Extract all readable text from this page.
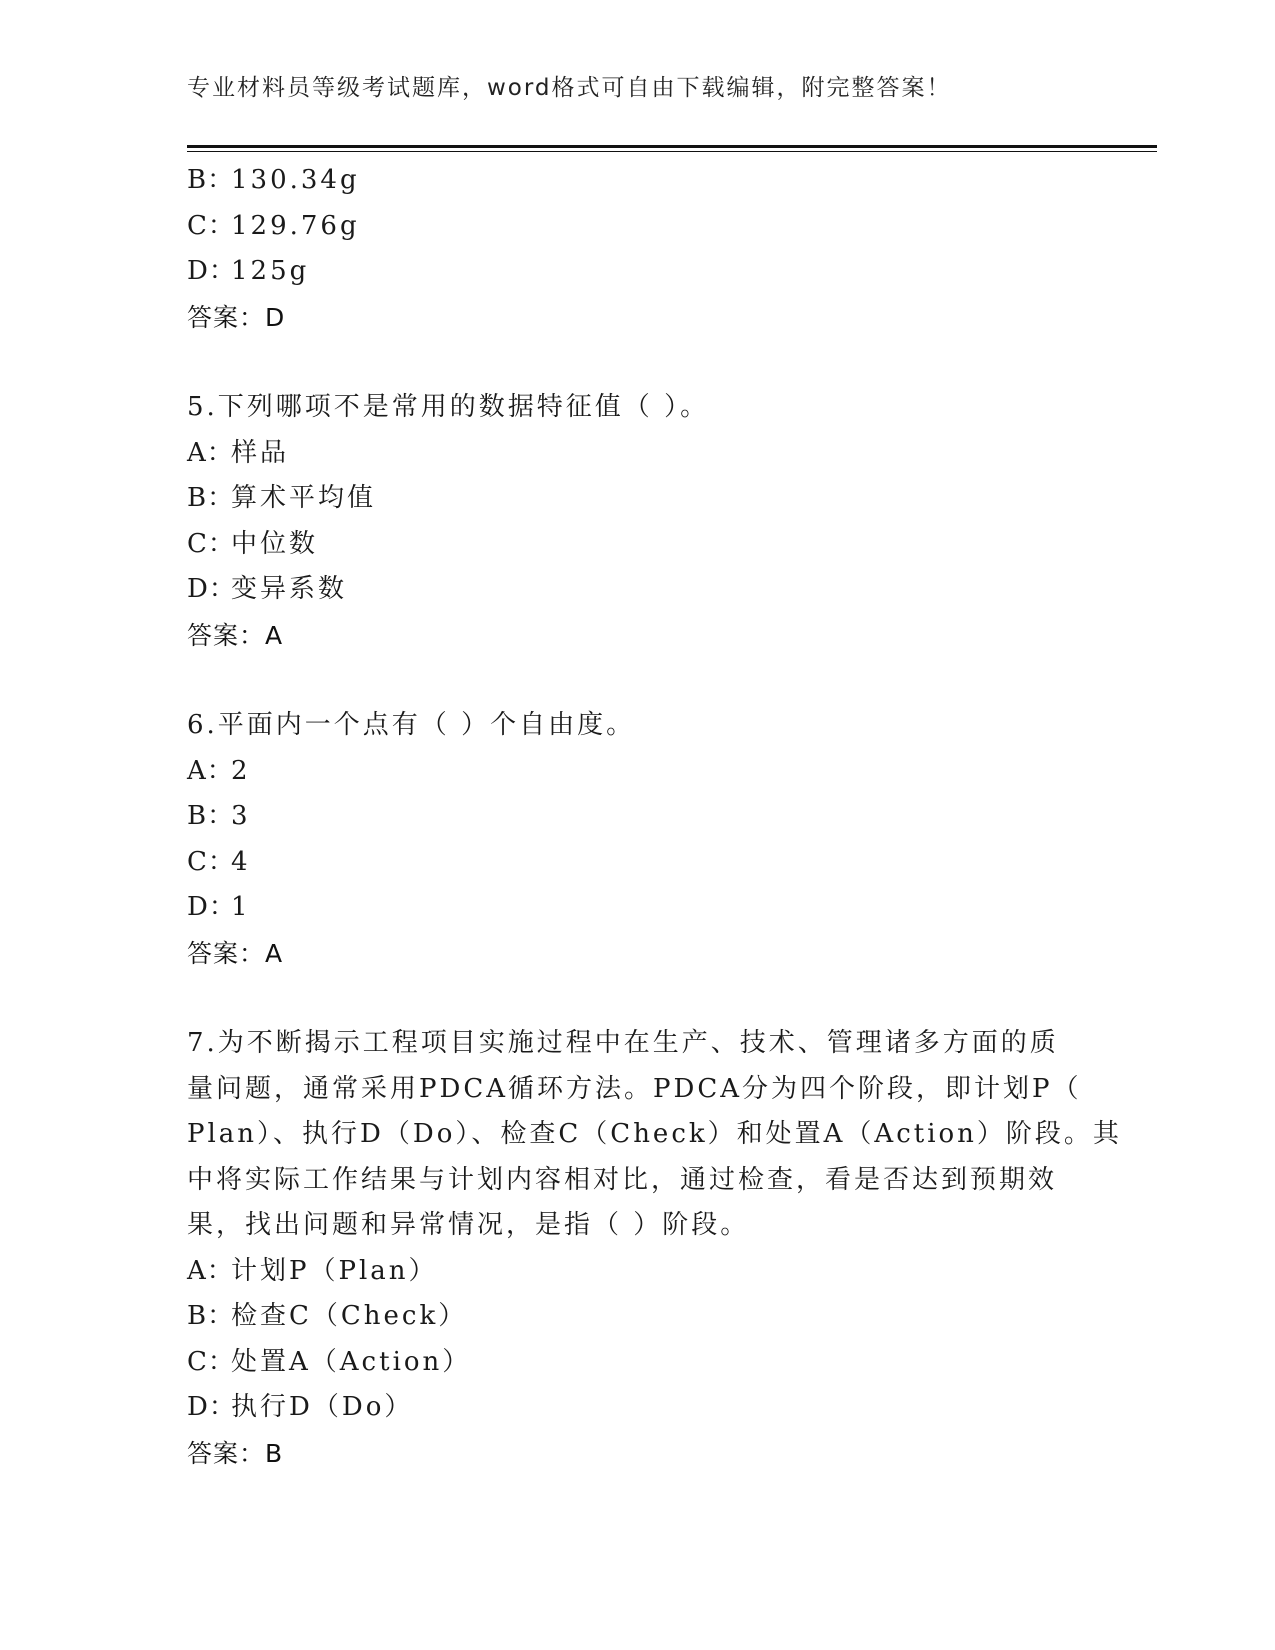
专业材料员等级考试题库，word格式可自由下载编辑，附完整答案！
B：130.34g
C：129.76g
D：125g
答案：D
5.下列哪项不是常用的数据特征值（ ）。
A：样品
B：算术平均值
C：中位数
D：变异系数
答案：A
6.平面内一个点有（ ）个自由度。
A：2
B：3
C：4
D：1
答案：A
7.为不断揭示工程项目实施过程中在生产、技术、管理诸多方面的质
量问题，通常采用PDCA循环方法。PDCA分为四个阶段，即计划P（
Plan）、执行D（Do）、检查C（Check）和处置A（Action）阶段。其
中将实际工作结果与计划内容相对比，通过检查，看是否达到预期效
果，找出问题和异常情况，是指（ ）阶段。
A：计划P（Plan）
B：检查C（Check）
C：处置A（Action）
D：执行D（Do）
答案：B
